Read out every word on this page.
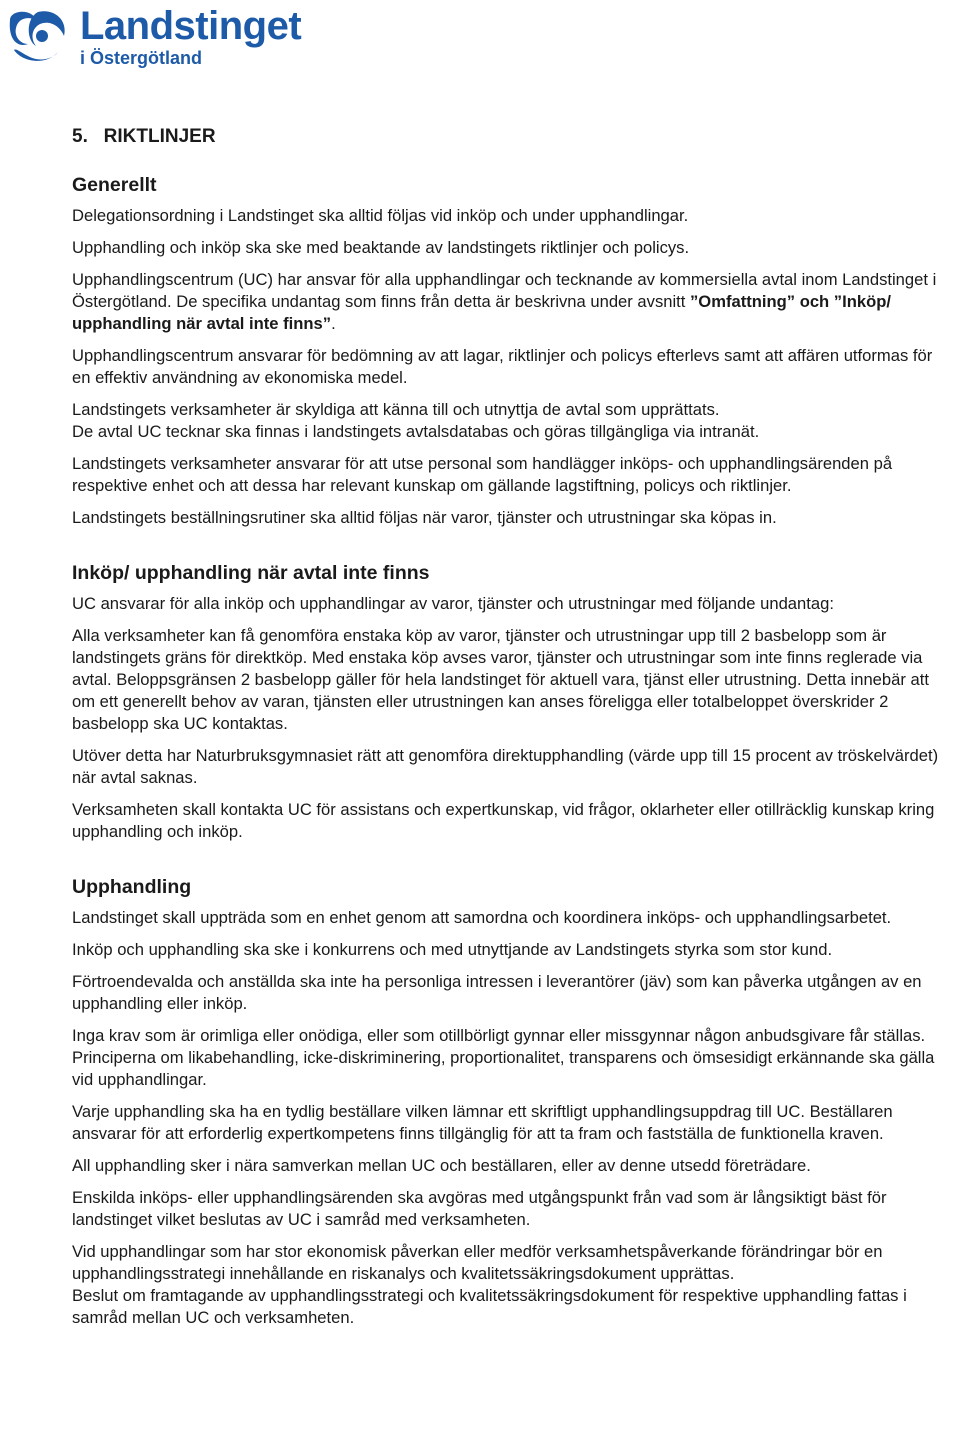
Landstinget
i Östergötland
5.   RIKTLINJER
Generellt

Delegationsordning i Landstinget ska alltid följas vid inköp och under upphandlingar.

Upphandling och inköp ska ske med beaktande av landstingets riktlinjer och policys.

Upphandlingscentrum (UC) har ansvar för alla upphandlingar och tecknande av kommersiella avtal inom Landstinget i Östergötland. De specifika undantag som finns från detta är beskrivna under avsnitt ”Omfattning” och ”Inköp/ upphandling när avtal inte finns”.

Upphandlingscentrum ansvarar för bedömning av att lagar, riktlinjer och policys efterlevs samt att affären utformas för en effektiv användning av ekonomiska medel.

Landstingets verksamheter är skyldiga att känna till och utnyttja de avtal som upprättats.

De avtal UC tecknar ska finnas i landstingets avtalsdatabas och göras tillgängliga via intranät.

Landstingets verksamheter ansvarar för att utse personal som handlägger inköps- och upphandlingsärenden på respektive enhet och att dessa har relevant kunskap om gällande lagstiftning, policys och riktlinjer.

Landstingets beställningsrutiner ska alltid följas när varor, tjänster och utrustningar ska köpas in.

Inköp/ upphandling när avtal inte finns

UC ansvarar för alla inköp och upphandlingar av varor, tjänster och utrustningar med följande undantag:

Alla verksamheter kan få genomföra enstaka köp av varor, tjänster och utrustningar upp till 2 basbelopp som är landstingets gräns för direktköp. Med enstaka köp avses varor, tjänster och utrustningar som inte finns reglerade via avtal. Beloppsgränsen 2 basbelopp gäller för hela landstinget för aktuell vara, tjänst eller utrustning. Detta innebär att om ett generellt behov av varan, tjänsten eller utrustningen kan anses föreligga eller totalbeloppet överskrider 2 basbelopp ska UC kontaktas.

Utöver detta har Naturbruksgymnasiet rätt att genomföra direktupphandling (värde upp till 15 procent av tröskelvärdet) när avtal saknas.

Verksamheten skall kontakta UC för assistans och expertkunskap, vid frågor, oklarheter eller otillräcklig kunskap kring upphandling och inköp.

Upphandling

Landstinget skall uppträda som en enhet genom att samordna och koordinera inköps- och upphandlingsarbetet.

Inköp och upphandling ska ske i konkurrens och med utnyttjande av Landstingets styrka som stor kund.

Förtroendevalda och anställda ska inte ha personliga intressen i leverantörer (jäv) som kan påverka utgången av en upphandling eller inköp.

Inga krav som är orimliga eller onödiga, eller som otillbörligt gynnar eller missgynnar någon anbudsgivare får ställas. Principerna om likabehandling, icke-diskriminering, proportionalitet, transparens och ömsesidigt erkännande ska gälla vid upphandlingar.

Varje upphandling ska ha en tydlig beställare vilken lämnar ett skriftligt upphandlingsuppdrag till UC. Beställaren ansvarar för att erforderlig expertkompetens finns tillgänglig för att ta fram och fastställa de funktionella kraven.

All upphandling sker i nära samverkan mellan UC och beställaren, eller av denne utsedd företrädare.

Enskilda inköps- eller upphandlingsärenden ska avgöras med utgångspunkt från vad som är långsiktigt bäst för landstinget vilket beslutas av UC i samråd med verksamheten.

Vid upphandlingar som har stor ekonomisk påverkan eller medför verksamhetspåverkande förändringar bör en upphandlingsstrategi innehållande en riskanalys och kvalitetssäkringsdokument upprättas.

Beslut om framtagande av upphandlingsstrategi och kvalitetssäkringsdokument för respektive upphandling fattas i samråd mellan UC och verksamheten.
